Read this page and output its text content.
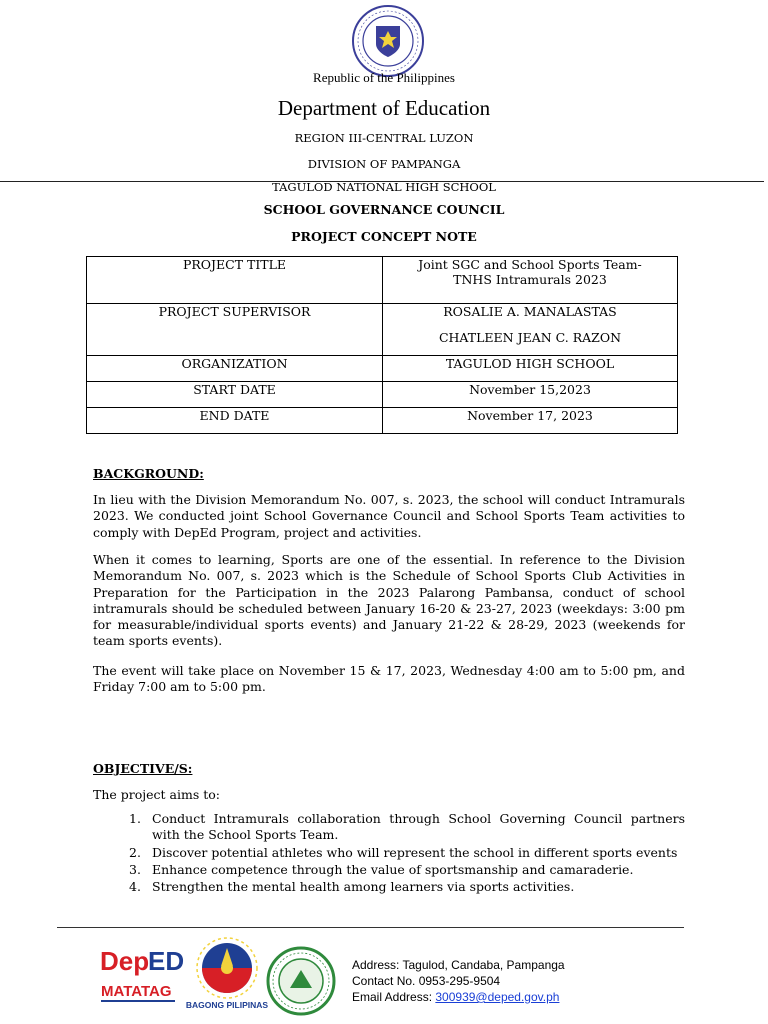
Republic of the Philippines
Department of Education
REGION III-CENTRAL LUZON
DIVISION OF PAMPANGA
TAGULOD NATIONAL HIGH SCHOOL
SCHOOL GOVERNANCE COUNCIL
PROJECT CONCEPT NOTE
PROJECT TITLE	Joint SGC and School Sports Team-
TNHS Intramurals 2023

PROJECT SUPERVISOR	ROSALIE A. MANALASTAS
CHATLEEN JEAN C. RAZON

ORGANIZATION	TAGULOD HIGH SCHOOL
START DATE	November 15,2023
END DATE	November 17, 2023
BACKGROUND:
In lieu with the Division Memorandum No. 007, s. 2023, the school will conduct Intramurals 2023. We conducted joint School Governance Council and School Sports Team activities to comply with DepEd Program, project and activities.
When it comes to learning, Sports are one of the essential. In reference to the Division Memorandum No. 007, s. 2023 which is the Schedule of School Sports Club Activities in Preparation for the Participation in the 2023 Palarong Pambansa, conduct of school intramurals should be scheduled between January 16-20 & 23-27, 2023 (weekdays: 3:00 pm for measurable/individual sports events) and January 21-22 & 28-29, 2023 (weekends for team sports events).
The event will take place on November 15 & 17, 2023, Wednesday 4:00 am to 5:00 pm, and Friday 7:00 am to 5:00 pm.
OBJECTIVE/S:
The project aims to:
1. Conduct Intramurals collaboration through School Governing Council partners with the School Sports Team.
2. Discover potential athletes who will represent the school in different sports events
3. Enhance competence through the value of sportsmanship and camaraderie.
4. Strengthen the mental health among learners via sports activities.
Dep
ED
MATATAG
BAGONG PILIPINAS
Address: Tagulod, Candaba, Pampanga
Contact No. 0953-295-9504
Email Address: 300939@deped.gov.ph
